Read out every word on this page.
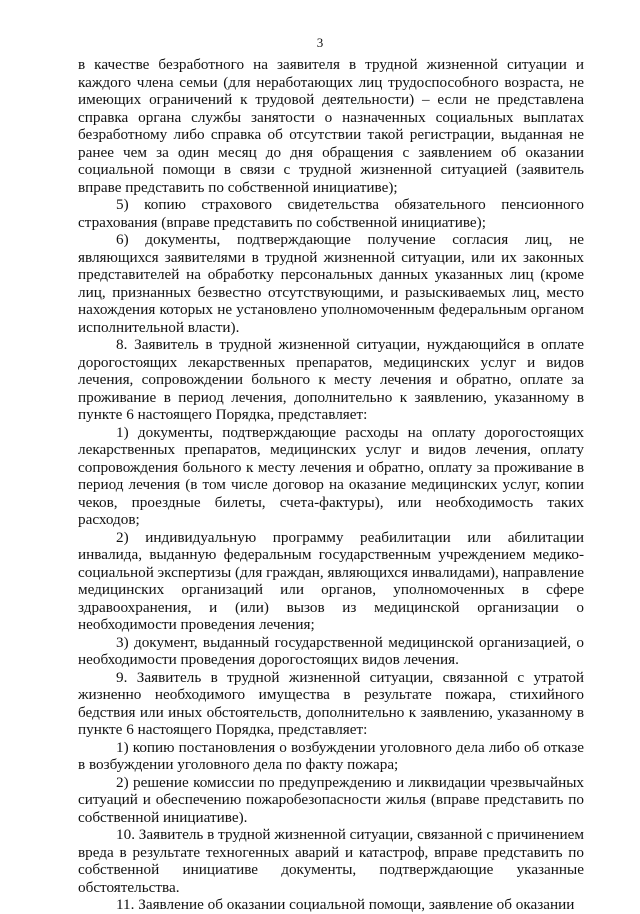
3

в качестве безработного на заявителя в трудной жизненной ситуации и каждого члена семьи (для неработающих лиц трудоспособного возраста, не имеющих ограничений к трудовой деятельности) – если не представлена справка органа службы занятости о назначенных социальных выплатах безработному либо справка об отсутствии такой регистрации, выданная не ранее чем за один месяц до дня обращения с заявлением об оказании социальной помощи в связи с трудной жизненной ситуацией (заявитель вправе представить по собственной инициативе);

5) копию страхового свидетельства обязательного пенсионного страхования (вправе представить по собственной инициативе);

6) документы, подтверждающие получение согласия лиц, не являющихся заявителями в трудной жизненной ситуации, или их законных представителей на обработку персональных данных указанных лиц (кроме лиц, признанных безвестно отсутствующими, и разыскиваемых лиц, место нахождения которых не установлено уполномоченным федеральным органом исполнительной власти).

8. Заявитель в трудной жизненной ситуации, нуждающийся в оплате дорогостоящих лекарственных препаратов, медицинских услуг и видов лечения, сопровождении больного к месту лечения и обратно, оплате за проживание в период лечения, дополнительно к заявлению, указанному в пункте 6 настоящего Порядка, представляет:

1) документы, подтверждающие расходы на оплату дорогостоящих лекарственных препаратов, медицинских услуг и видов лечения, оплату сопровождения больного к месту лечения и обратно, оплату за проживание в период лечения (в том числе договор на оказание медицинских услуг, копии чеков, проездные билеты, счета-фактуры), или необходимость таких расходов;

2) индивидуальную программу реабилитации или абилитации инвалида, выданную федеральным государственным учреждением медико-социальной экспертизы (для граждан, являющихся инвалидами), направление медицинских организаций или органов, уполномоченных в сфере здравоохранения, и (или) вызов из медицинской организации о необходимости проведения лечения;

3) документ, выданный государственной медицинской организацией, о необходимости проведения дорогостоящих видов лечения.

9. Заявитель в трудной жизненной ситуации, связанной с утратой жизненно необходимого имущества в результате пожара, стихийного бедствия или иных обстоятельств, дополнительно к заявлению, указанному в пункте 6 настоящего Порядка, представляет:

1) копию постановления о возбуждении уголовного дела либо об отказе в возбуждении уголовного дела по факту пожара;

2) решение комиссии по предупреждению и ликвидации чрезвычайных ситуаций и обеспечению пожаробезопасности жилья (вправе представить по собственной инициативе).

10. Заявитель в трудной жизненной ситуации, связанной с причинением вреда в результате техногенных аварий и катастроф, вправе представить по собственной инициативе документы, подтверждающие указанные обстоятельства.

11. Заявление об оказании социальной помощи, заявление об оказании
